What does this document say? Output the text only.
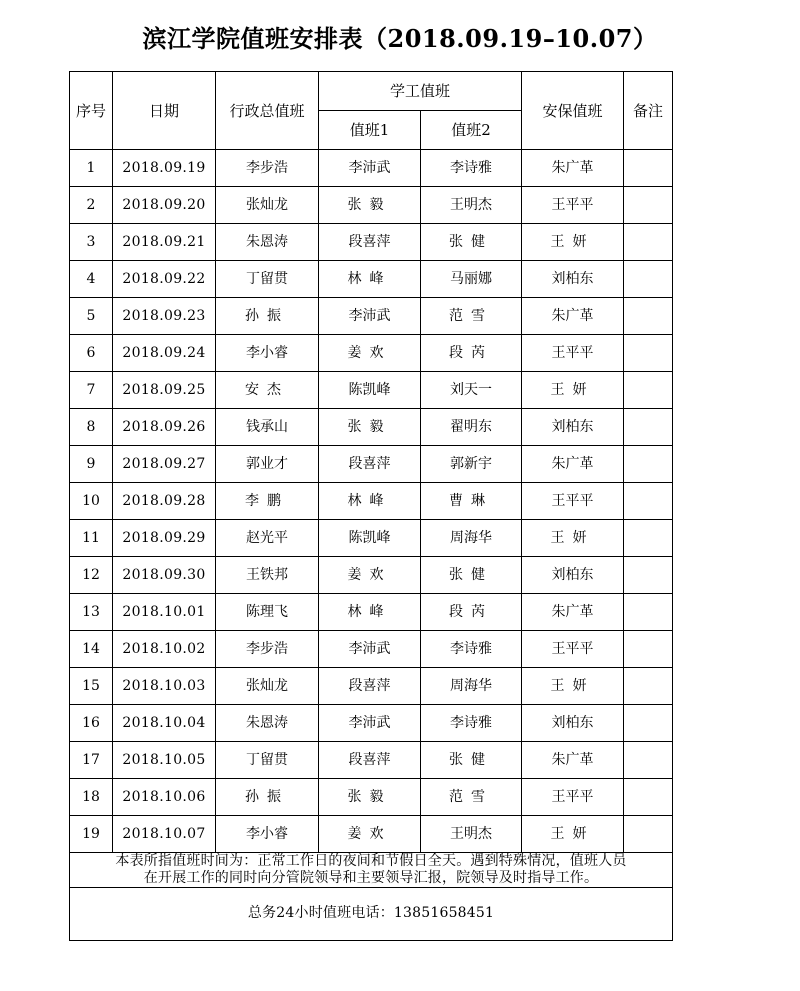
滨江学院值班安排表（2018.09.19–10.07）
序号	日期	行政总值班	学工值班		安保值班	备注
			值班1	值班2		
1	2018.09.19	李步浩	李沛武	李诗雅	朱广革	
2	2018.09.20	张灿龙	张毅	王明杰	王平平	
3	2018.09.21	朱恩涛	段喜萍	张健	王妍	
4	2018.09.22	丁留贯	林峰	马丽娜	刘柏东	
5	2018.09.23	孙振	李沛武	范雪	朱广革	
6	2018.09.24	李小睿	姜欢	段芮	王平平	
7	2018.09.25	安杰	陈凯峰	刘天一	王妍	
8	2018.09.26	钱承山	张毅	翟明东	刘柏东	
9	2018.09.27	郭业才	段喜萍	郭新宇	朱广革	
10	2018.09.28	李鹏	林峰	曹琳	王平平	
11	2018.09.29	赵光平	陈凯峰	周海华	王妍	
12	2018.09.30	王铁邦	姜欢	张健	刘柏东	
13	2018.10.01	陈理飞	林峰	段芮	朱广革	
14	2018.10.02	李步浩	李沛武	李诗雅	王平平	
15	2018.10.03	张灿龙	段喜萍	周海华	王妍	
16	2018.10.04	朱恩涛	李沛武	李诗雅	刘柏东	
17	2018.10.05	丁留贯	段喜萍	张健	朱广革	
18	2018.10.06	孙振	张毅	范雪	王平平	
19	2018.10.07	李小睿	姜欢	王明杰	王妍	

本表所指值班时间为：正常工作日的夜间和节假日全天。遇到特殊情况，值班人员
在开展工作的同时向分管院领导和主要领导汇报，院领导及时指导工作。						

总务24小时值班电话：13851658451						
